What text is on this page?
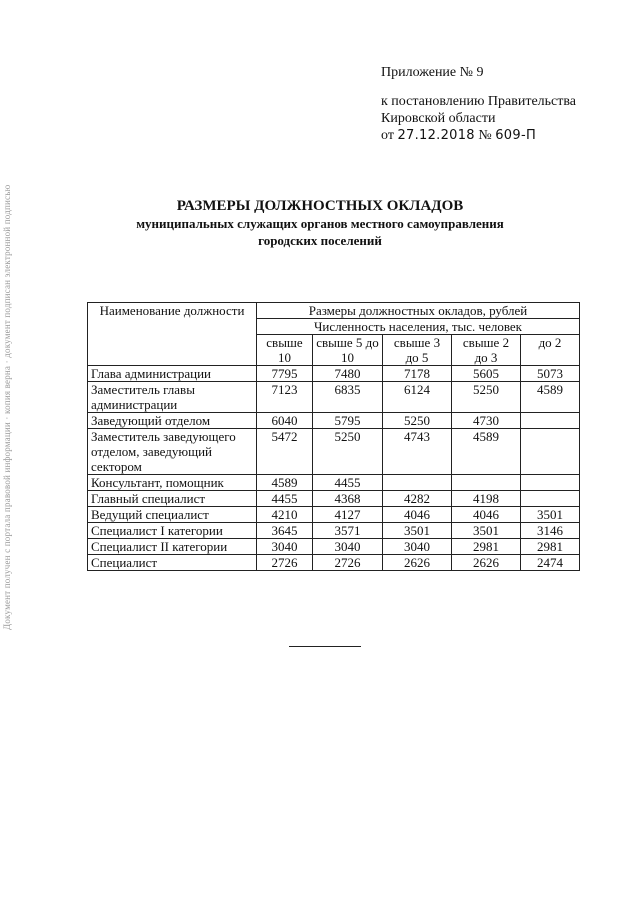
Документ получен с портала правовой информации · копия верна · документ подписан электронной подписью
Приложение № 9
к постановлению Правительства
Кировской области
от 27.12.2018 № 609-П
РАЗМЕРЫ ДОЛЖНОСТНЫХ ОКЛАДОВ
муниципальных служащих органов местного самоуправления
городских поселений
Наименование должности	Размеры должностных окладов, рублей				
	Численность населения, тыс. человек				
	свыше 10	свыше 5 до 10	свыше 3 до 5	свыше 2 до 3	до 2
Глава администрации	7795	7480	7178	5605	5073
Заместитель главы администрации	7123	6835	6124	5250	4589
Заведующий отделом	6040	5795	5250	4730	
Заместитель заведующего отделом, заведующий сектором	5472	5250	4743	4589	
Консультант, помощник	4589	4455			
Главный специалист	4455	4368	4282	4198	
Ведущий специалист	4210	4127	4046	4046	3501
Специалист I категории	3645	3571	3501	3501	3146
Специалист II категории	3040	3040	3040	2981	2981
Специалист	2726	2726	2626	2626	2474
